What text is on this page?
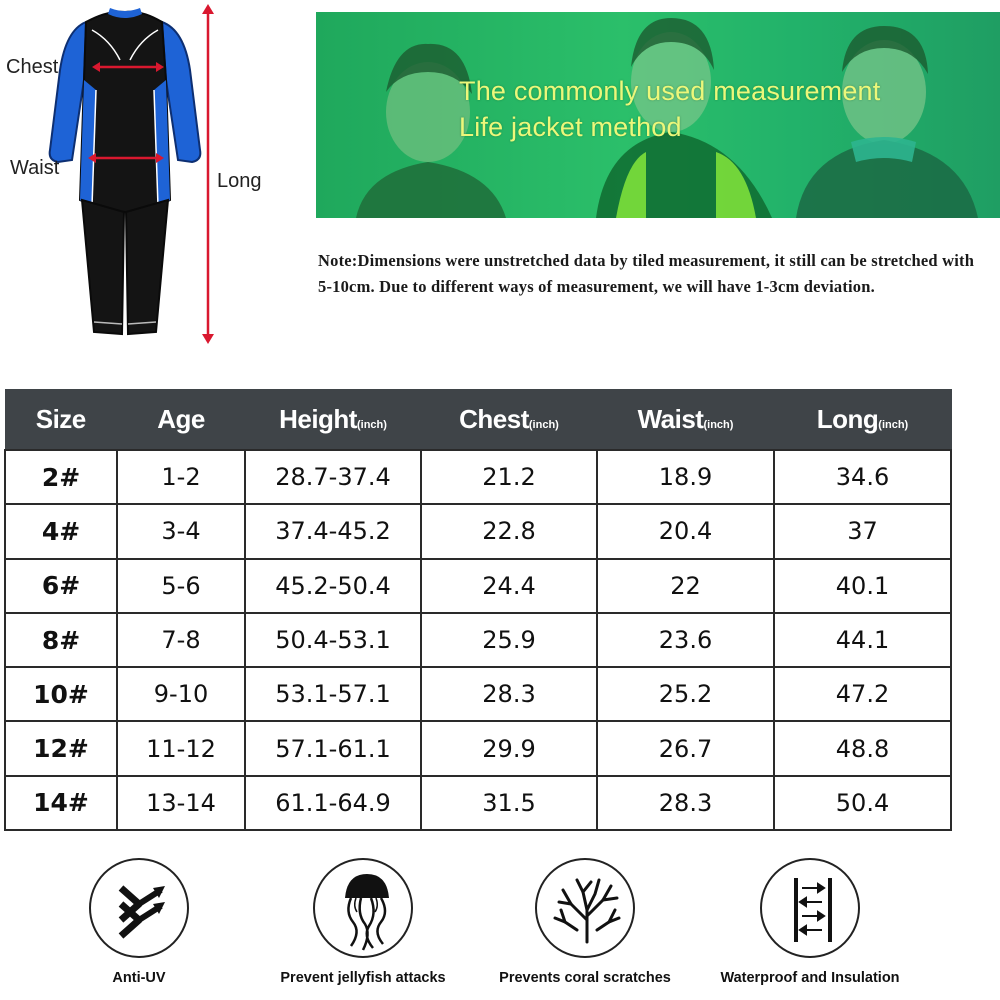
Chest
Waist
Long
The commonly used measurement
Life jacket method
Note:Dimensions were unstretched data by tiled measurement, it still can be stretched with 5-10cm. Due to different ways of measurement, we will have 1-3cm deviation.
Size	Age	Height(inch)	Chest(inch)	Waist(inch)	Long(inch)
2#	1-2	28.7-37.4	21.2	18.9	34.6
4#	3-4	37.4-45.2	22.8	20.4	37
6#	5-6	45.2-50.4	24.4	22	40.1
8#	7-8	50.4-53.1	25.9	23.6	44.1
10#	9-10	53.1-57.1	28.3	25.2	47.2
12#	11-12	57.1-61.1	29.9	26.7	48.8
14#	13-14	61.1-64.9	31.5	28.3	50.4
Anti-UV	Prevent jellyfish attacks	Prevents coral scratches	Waterproof and Insulation
